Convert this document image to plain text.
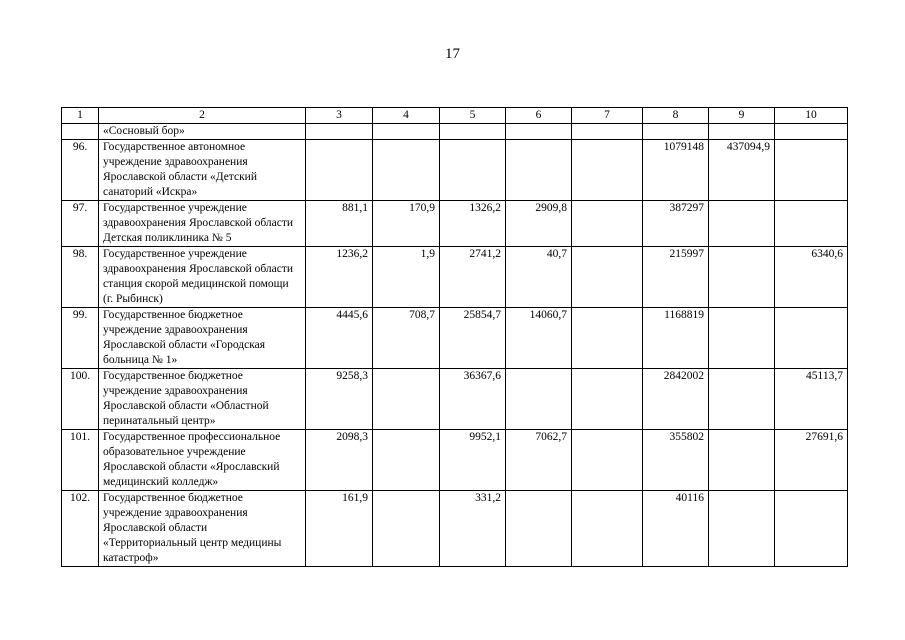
17
1	2	3	4	5	6	7	8	9	10
	«Сосновый бор»								
96.	Государственное автономное учреждение здравоохранения Ярославской области «Детский санаторий «Искра»						1079148	437094,9	
97.	Государственное учреждение здравоохранения Ярославской области Детская поликлиника № 5	881,1	170,9	1326,2	2909,8		387297		
98.	Государственное учреждение здравоохранения Ярославской области станция скорой медицинской помощи (г. Рыбинск)	1236,2	1,9	2741,2	40,7		215997		6340,6
99.	Государственное бюджетное учреждение здравоохранения Ярославской области «Городская больница № 1»	4445,6	708,7	25854,7	14060,7		1168819		
100.	Государственное бюджетное учреждение здравоохранения Ярославской области «Областной перинатальный центр»	9258,3		36367,6			2842002		45113,7
101.	Государственное профессиональное образовательное учреждение Ярославской области «Ярославский медицинский колледж»	2098,3		9952,1	7062,7		355802		27691,6
102.	Государственное бюджетное учреждение здравоохранения Ярославской области «Территориальный центр медицины катастроф»	161,9		331,2			40116		
